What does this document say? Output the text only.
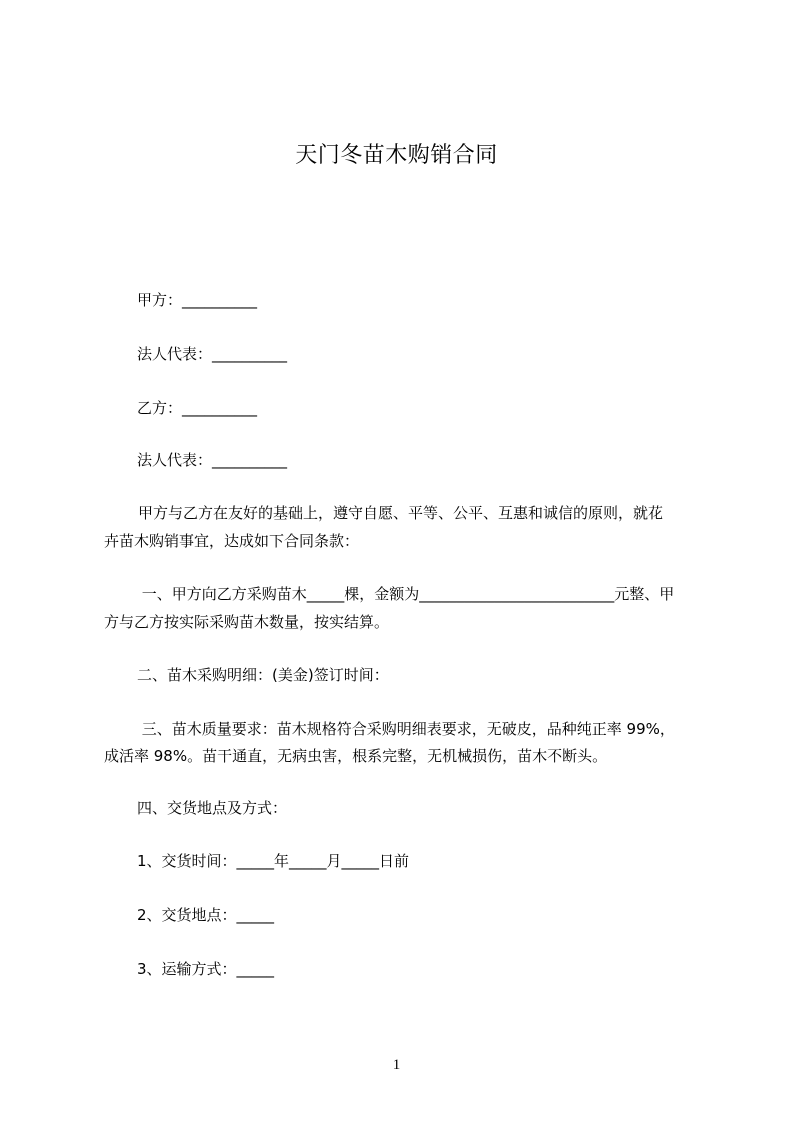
天门冬苗木购销合同
甲方：__________
法人代表：__________
乙方：__________
法人代表：__________
甲方与乙方在友好的基础上，遵守自愿、平等、公平、互惠和诚信的原则，就花
卉苗木购销事宜，达成如下合同条款：
一、甲方向乙方采购苗木_____棵，金额为__________________________元整、甲
方与乙方按实际采购苗木数量，按实结算。
二、苗木采购明细：(美金)签订时间：
三、苗木质量要求：苗木规格符合采购明细表要求，无破皮，品种纯正率 99%，
成活率 98%。苗干通直，无病虫害，根系完整，无机械损伤，苗木不断头。
四、交货地点及方式：
1、交货时间：_____年_____月_____日前
2、交货地点：_____
3、运输方式：_____
1
